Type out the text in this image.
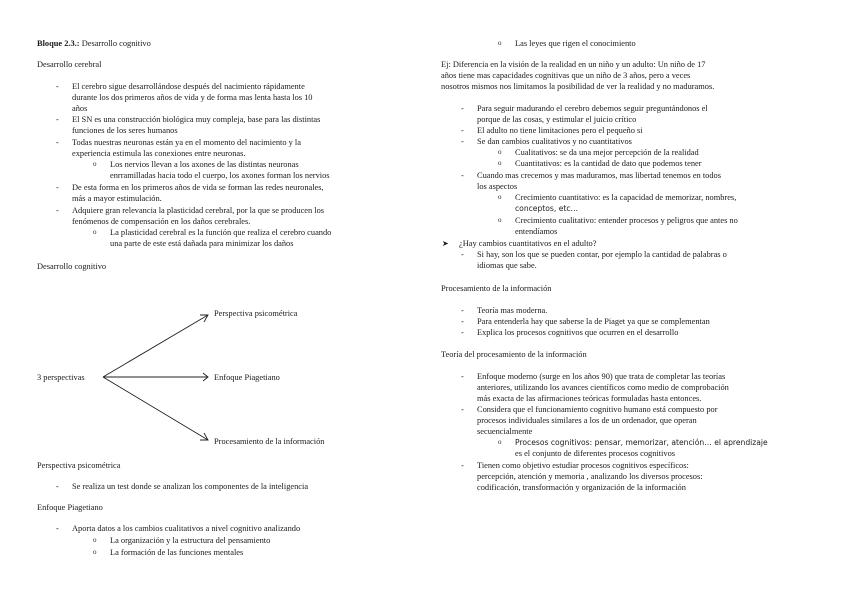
Bloque 2.3.: Desarrollo cognitivo
Desarrollo cerebral
- El cerebro sigue desarrollándose después del nacimiento rápidamente
durante los dos primeros años de vida y de forma mas lenta hasta los 10
años
- El SN es una construcción biológica muy compleja, base para las distintas
funciones de los seres humanos
- Todas nuestras neuronas están ya en el momento del nacimiento y la
experiencia estimula las conexiones entre neuronas.
o Los nervios llevan a los axones de las distintas neuronas
enrramilladas hacia todo el cuerpo, los axones forman los nervios
- De esta forma en los primeros años de vida se forman las redes neuronales,
más a mayor estimulación.
- Adquiere gran relevancia la plasticidad cerebral, por la que se producen los
fenómenos de compensación en los daños cerebrales.
o La plasticidad cerebral es la función que realiza el cerebro cuando
una parte de este está dañada para minimizar los daños
Desarrollo cognitivo
3 perspectivas
Perspectiva psicométrica
Enfoque Piagetiano
Procesamiento de la información
Perspectiva psicométrica
- Se realiza un test donde se analizan los componentes de la inteligencia
Enfoque Piagetiano
- Aporta datos a los cambios cualitativos a nivel cognitivo analizando
o La organización y la estructura del pensamiento
o La formación de las funciones mentales
o Las leyes que rigen el conocimiento
Ej: Diferencia en la visión de la realidad en un niño y un adulto: Un niño de 17
años tiene mas capacidades cognitivas que un niño de 3 años, pero a veces
nosotros mismos nos limitamos la posibilidad de ver la realidad y no maduramos.
- Para seguir madurando el cerebro debemos seguir preguntándonos el
porque de las cosas, y estimular el juicio crítico
- El adulto no tiene limitaciones pero el pequeño si
- Se dan cambios cualitativos y no cuantitativos
o Cualitativos: se da una mejor percepción de la realidad
o Cuantitativos: es la cantidad de dato que podemos tener
- Cuando mas crecemos y mas maduramos, mas libertad tenemos en todos
los aspectos
o Crecimiento cuantitativo: es la capacidad de memorizar, nombres,
conceptos, etc…
o Crecimiento cualitativo: entender procesos y peligros que antes no
entendíamos
➤ ¿Hay cambios cuantitativos en el adulto?
- Si hay, son los que se pueden contar, por ejemplo la cantidad de palabras o
idiomas que sabe.
Procesamiento de la información
- Teoría mas moderna.
- Para entenderla hay que saberse la de Piaget ya que se complementan
- Explica los procesos cognitivos que ocurren en el desarrollo
Teoría del procesamiento de la información
- Enfoque moderno (surge en los años 90) que trata de completar las teorías
anteriores, utilizando los avances científicos como medio de comprobación
más exacta de las afirmaciones teóricas formuladas hasta entonces.
- Considera que el funcionamiento cognitivo humano está compuesto por
procesos individuales similares a los de un ordenador, que operan
secuencialmente
o Procesos cognitivos: pensar, memorizar, atención… el aprendizaje
es el conjunto de diferentes procesos cognitivos
- Tienen como objetivo estudiar procesos cognitivos específicos:
percepción, atención y memoria , analizando los diversos procesos:
codificación, transformación y organización de la información
